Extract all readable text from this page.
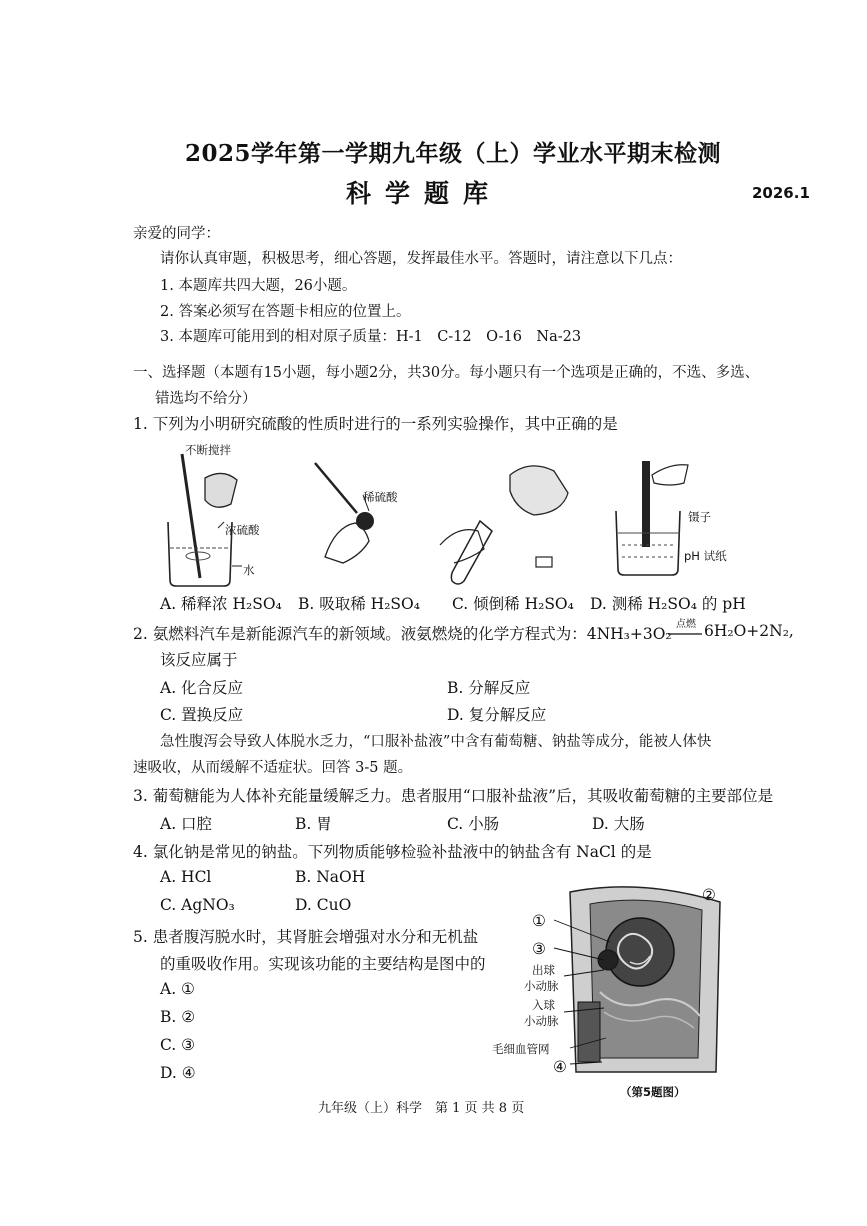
2025学年第一学期九年级（上）学业水平期末检测
科学题库	2026.1
亲爱的同学：
请你认真审题，积极思考，细心答题，发挥最佳水平。答题时，请注意以下几点：
1. 本题库共四大题，26小题。
2. 答案必须写在答题卡相应的位置上。
3. 本题库可能用到的相对原子质量：H-1　C-12　O-16　Na-23
一、选择题（本题有15小题，每小题2分，共30分。每小题只有一个选项是正确的，不选、多选、
错选均不给分）
1. 下列为小明研究硫酸的性质时进行的一系列实验操作，其中正确的是
不断搅拌
浓硫酸
水
稀硫酸
镊子
pH 试纸
A. 稀释浓 H₂SO₄ B. 吸取稀 H₂SO₄ C. 倾倒稀 H₂SO₄ D. 测稀 H₂SO₄ 的 pH
2. 氨燃料汽车是新能源汽车的新领域。液氨燃烧的化学方程式为：4NH₃+3O₂
点燃 6H₂O+2N₂,
该反应属于
A. 化合反应	B. 分解反应
C. 置换反应	D. 复分解反应
急性腹泻会导致人体脱水乏力，“口服补盐液”中含有葡萄糖、钠盐等成分，能被人体快
速吸收，从而缓解不适症状。回答 3-5 题。
3. 葡萄糖能为人体补充能量缓解乏力。患者服用“口服补盐液”后，其吸收葡萄糖的主要部位是
A. 口腔	B. 胃	C. 小肠	D. 大肠
4. 氯化钠是常见的钠盐。下列物质能够检验补盐液中的钠盐含有 NaCl 的是
A. HCl	B. NaOH
C. AgNO₃	D. CuO
5. 患者腹泻脱水时，其肾脏会增强对水分和无机盐
的重吸收作用。实现该功能的主要结构是图中的
A. ①
B. ②
C. ③
D. ④
①
②
③
出球
小动脉
入球
小动脉
毛细血管网
④
（第5题图）
九年级（上）科学　第 1 页 共 8 页
